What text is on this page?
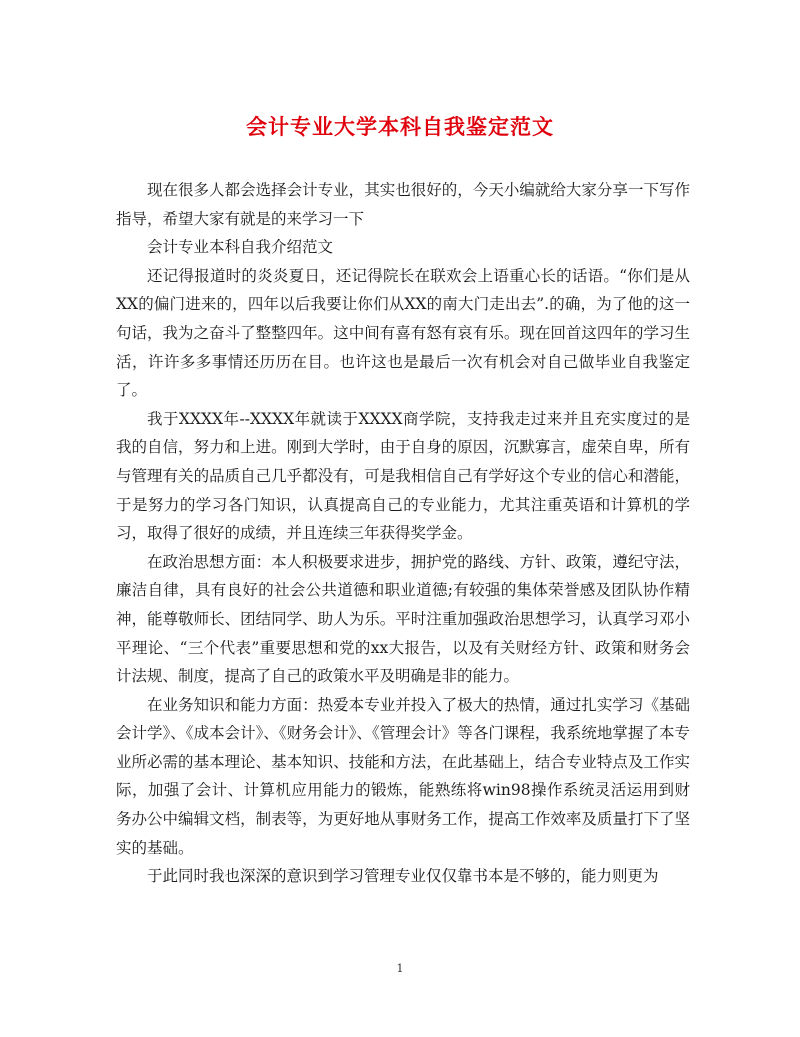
会计专业大学本科自我鉴定范文

现在很多人都会选择会计专业，其实也很好的，今天小编就给大家分享一下写作指导，希望大家有就是的来学习一下

会计专业本科自我介绍范文

还记得报道时的炎炎夏日，还记得院长在联欢会上语重心长的话语。“你们是从XX的偏门进来的，四年以后我要让你们从XX的南大门走出去”.的确，为了他的这一句话，我为之奋斗了整整四年。这中间有喜有怒有哀有乐。现在回首这四年的学习生活，许许多多事情还历历在目。也许这也是最后一次有机会对自己做毕业自我鉴定了。

我于XXXX年--XXXX年就读于XXXX商学院，支持我走过来并且充实度过的是我的自信，努力和上进。刚到大学时，由于自身的原因，沉默寡言，虚荣自卑，所有与管理有关的品质自己几乎都没有，可是我相信自己有学好这个专业的信心和潜能，于是努力的学习各门知识，认真提高自己的专业能力，尤其注重英语和计算机的学习，取得了很好的成绩，并且连续三年获得奖学金。

在政治思想方面：本人积极要求进步，拥护党的路线、方针、政策，遵纪守法，廉洁自律，具有良好的社会公共道德和职业道德;有较强的集体荣誉感及团队协作精神，能尊敬师长、团结同学、助人为乐。平时注重加强政治思想学习，认真学习邓小平理论、“三个代表”重要思想和党的xx大报告，以及有关财经方针、政策和财务会计法规、制度，提高了自己的政策水平及明确是非的能力。

在业务知识和能力方面：热爱本专业并投入了极大的热情，通过扎实学习《基础会计学》、《成本会计》、《财务会计》、《管理会计》等各门课程，我系统地掌握了本专业所必需的基本理论、基本知识、技能和方法，在此基础上，结合专业特点及工作实际，加强了会计、计算机应用能力的锻炼，能熟练将win98操作系统灵活运用到财务办公中编辑文档，制表等，为更好地从事财务工作，提高工作效率及质量打下了坚实的基础。

于此同时我也深深的意识到学习管理专业仅仅靠书本是不够的，能力则更为

1
